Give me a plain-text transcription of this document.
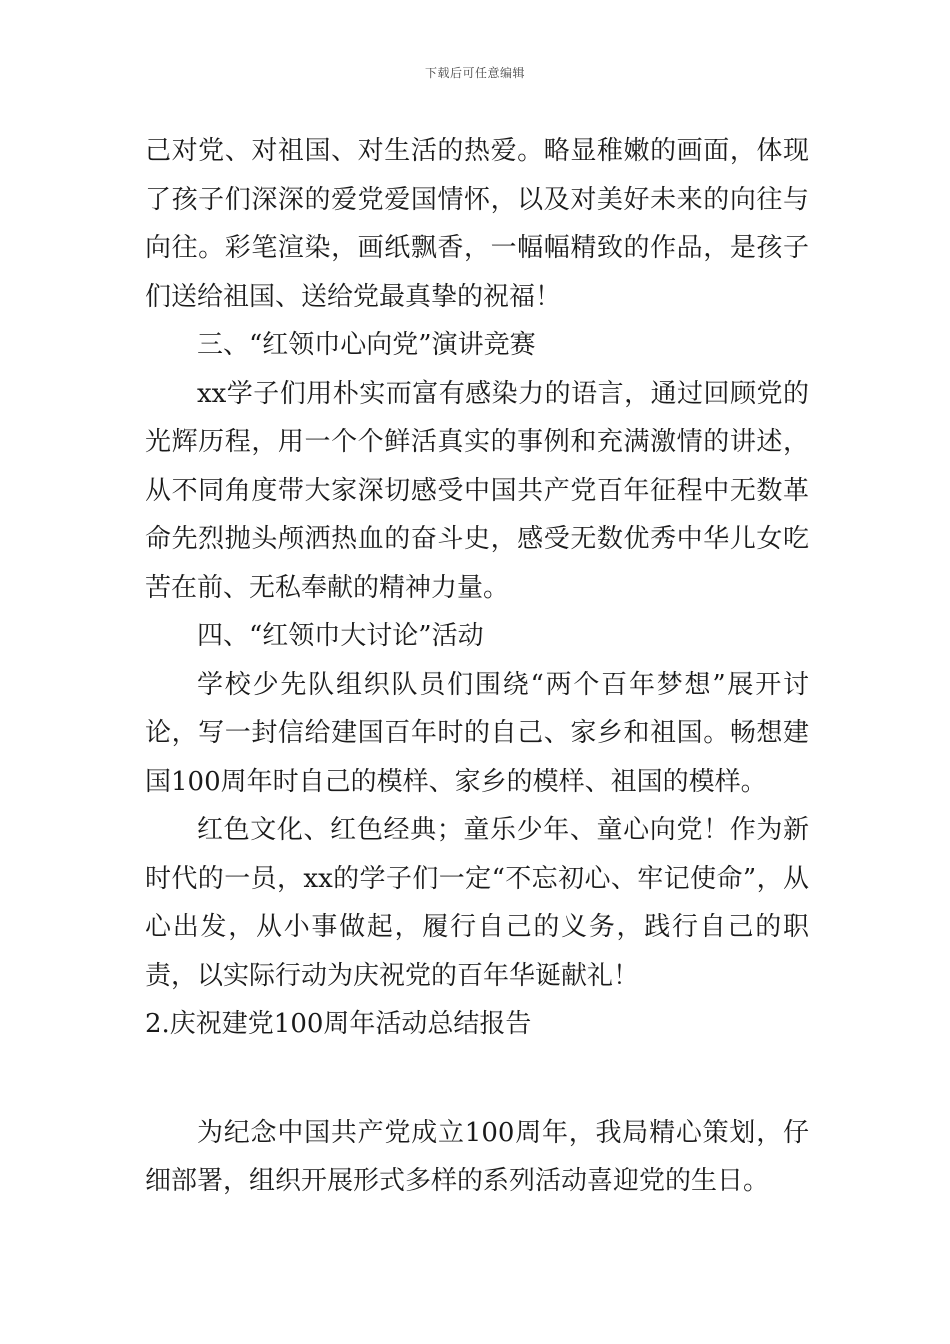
下载后可任意编辑

己对党、对祖国、对生活的热爱。略显稚嫩的画面，体现了孩子们深深的爱党爱国情怀，以及对美好未来的向往与向往。彩笔渲染，画纸飘香，一幅幅精致的作品，是孩子们送给祖国、送给党最真挚的祝福！

三、“红领巾心向党”演讲竞赛

xx学子们用朴实而富有感染力的语言，通过回顾党的光辉历程，用一个个鲜活真实的事例和充满激情的讲述，从不同角度带大家深切感受中国共产党百年征程中无数革命先烈抛头颅洒热血的奋斗史，感受无数优秀中华儿女吃苦在前、无私奉献的精神力量。

四、“红领巾大讨论”活动

学校少先队组织队员们围绕“两个百年梦想”展开讨论，写一封信给建国百年时的自己、家乡和祖国。畅想建国100周年时自己的模样、家乡的模样、祖国的模样。

红色文化、红色经典；童乐少年、童心向党！作为新时代的一员，xx的学子们一定“不忘初心、牢记使命”，从心出发，从小事做起，履行自己的义务，践行自己的职责，以实际行动为庆祝党的百年华诞献礼！

2.庆祝建党100周年活动总结报告

为纪念中国共产党成立100周年，我局精心策划，仔细部署，组织开展形式多样的系列活动喜迎党的生日。
